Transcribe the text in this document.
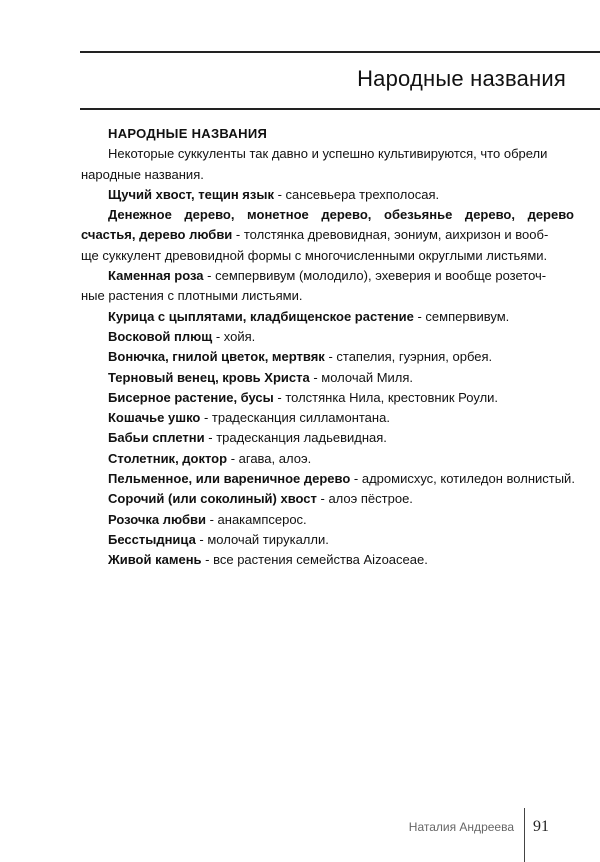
Народные названия

НАРОДНЫЕ НАЗВАНИЯ

Некоторые суккуленты так давно и успешно культивируются, что обрели

народные названия.

Щучий хвост, тещин язык - сансевьера трехполосая.

Денежное дерево, монетное дерево, обезьянье дерево, дерево

счастья, дерево любви - толстянка древовидная, эониум, аихризон и вооб-

ще суккулент древовидной формы с многочисленными округлыми листьями.

Каменная роза - семпервивум (молодило), эхеверия и вообще розеточ-

ные растения с плотными листьями.

Курица с цыплятами, кладбищенское растение - семпервивум.

Восковой плющ - хойя.

Вонючка, гнилой цветок, мертвяк - стапелия, гуэрния, орбея.

Терновый венец, кровь Христа - молочай Миля.

Бисерное растение, бусы - толстянка Нила, крестовник Роули.

Кошачье ушко - традесканция силламонтана.

Бабьи сплетни - традесканция ладьевидная.

Столетник, доктор - агава, алоэ.

Пельменное, или вареничное дерево - адромисхус, котиледон волнистый.

Сорочий (или соколиный) хвост - алоэ пёстрое.

Розочка любви - анакампсерос.

Бесстыдница - молочай тирукалли.

Живой камень - все растения семейства Aizoaceae.

Наталия Андреева 91
